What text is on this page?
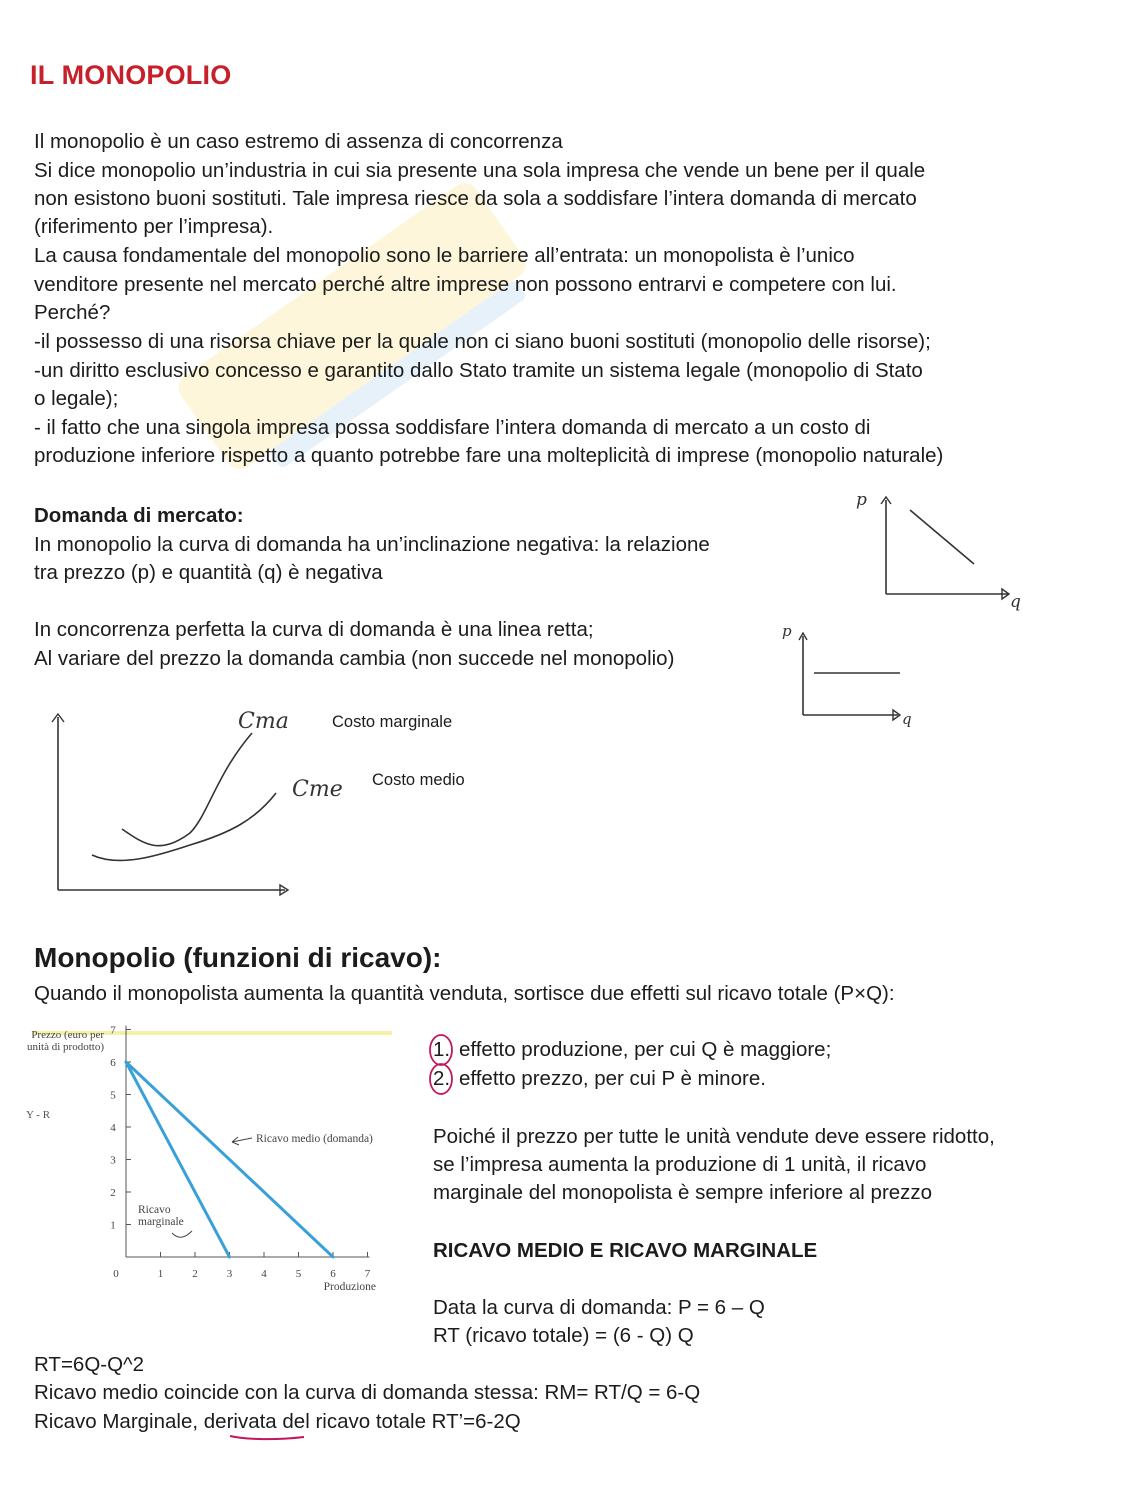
IL MONOPOLIO
Il monopolio è un caso estremo di assenza di concorrenza
Si dice monopolio un’industria in cui sia presente una sola impresa che vende un bene per il quale
non esistono buoni sostituti. Tale impresa riesce da sola a soddisfare l’intera domanda di mercato
(riferimento per l’impresa).
La causa fondamentale del monopolio sono le barriere all’entrata: un monopolista è l’unico
venditore presente nel mercato perché altre imprese non possono entrarvi e competere con lui.
Perché?
-il possesso di una risorsa chiave per la quale non ci siano buoni sostituti (monopolio delle risorse);
-un diritto esclusivo concesso e garantito dallo Stato tramite un sistema legale (monopolio di Stato
o legale);
- il fatto che una singola impresa possa soddisfare l’intera domanda di mercato a un costo di
produzione inferiore rispetto a quanto potrebbe fare una molteplicità di imprese (monopolio naturale)
Domanda di mercato:
In monopolio la curva di domanda ha un’inclinazione negativa: la relazione
tra prezzo (p) e quantità (q) è negativa
In concorrenza perfetta la curva di domanda è una linea retta;
Al variare del prezzo la domanda cambia (non succede nel monopolio)
p
q
p
q
Cma
Cme
Costo marginale
Costo medio
Monopolio (funzioni di ricavo):
Quando il monopolista aumenta la quantità venduta, sortisce due effetti sul ricavo totale (P×Q):
Prezzo (euro per unità di prodotto)
Y - R
1
2
3
4
5
6
7
0	1	2	3	4	5	6	7
Ricavo medio (domanda)
Ricavo marginale
Produzione
1. effetto produzione, per cui Q è maggiore;
2. effetto prezzo, per cui P è minore.
Poiché il prezzo per tutte le unità vendute deve essere ridotto,
se l’impresa aumenta la produzione di 1 unità, il ricavo
marginale del monopolista è sempre inferiore al prezzo
RICAVO MEDIO E RICAVO MARGINALE
Data la curva di domanda: P = 6 – Q
RT (ricavo totale) = (6 - Q) Q
RT=6Q-Q^2
Ricavo medio coincide con la curva di domanda stessa: RM= RT/Q = 6-Q
Ricavo Marginale, derivata del ricavo totale RT’=6-2Q
